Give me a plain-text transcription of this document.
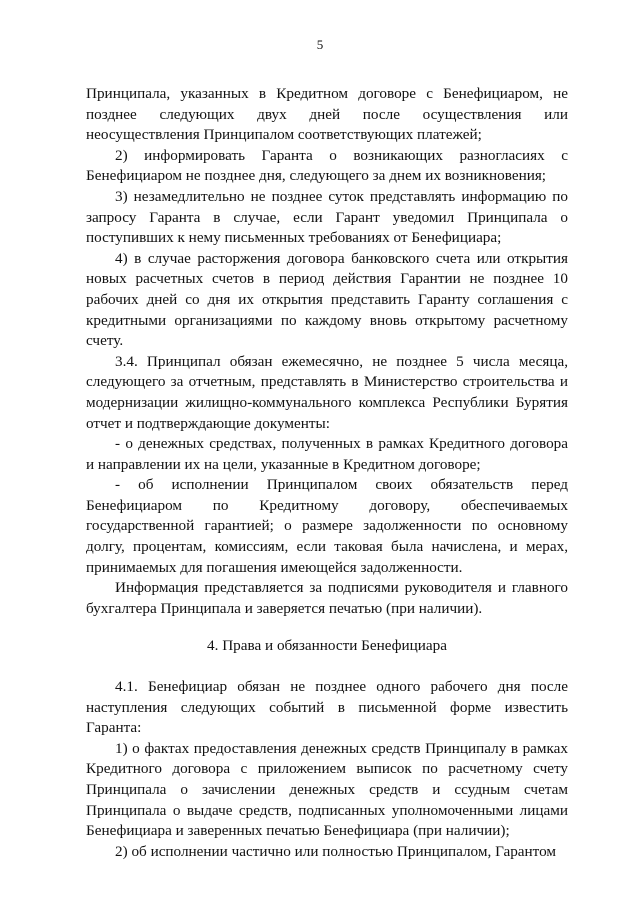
5

Принципала, указанных в Кредитном договоре с Бенефициаром, не позднее следующих двух дней после осуществления или неосуществления Принципалом соответствующих платежей;

2) информировать Гаранта о возникающих разногласиях с Бенефициаром не позднее дня, следующего за днем их возникновения;

3) незамедлительно не позднее суток представлять информацию по запросу Гаранта в случае, если Гарант уведомил Принципала о поступивших к нему письменных требованиях от Бенефициара;

4) в случае расторжения договора банковского счета или открытия новых расчетных счетов в период действия Гарантии не позднее 10 рабочих дней со дня их открытия представить Гаранту соглашения с кредитными организациями по каждому вновь открытому расчетному счету.

3.4. Принципал обязан ежемесячно, не позднее 5 числа месяца, следующего за отчетным, представлять в Министерство строительства и модернизации жилищно-коммунального комплекса Республики Бурятия отчет и подтверждающие документы:

- о денежных средствах, полученных в рамках Кредитного договора и направлении их на цели, указанные в Кредитном договоре;

- об исполнении Принципалом своих обязательств перед Бенефициаром по Кредитному договору, обеспечиваемых государственной гарантией; о размере задолженности по основному долгу, процентам, комиссиям, если таковая была начислена, и мерах, принимаемых для погашения имеющейся задолженности.

Информация представляется за подписями руководителя и главного бухгалтера Принципала и заверяется печатью (при наличии).

4. Права и обязанности Бенефициара

4.1. Бенефициар обязан не позднее одного рабочего дня после наступления следующих событий в письменной форме известить Гаранта:

1) о фактах предоставления денежных средств Принципалу в рамках Кредитного договора с приложением выписок по расчетному счету Принципала о зачислении денежных средств и ссудным счетам Принципала о выдаче средств, подписанных уполномоченными лицами Бенефициара и заверенных печатью Бенефициара (при наличии);

2) об исполнении частично или полностью Принципалом, Гарантом
